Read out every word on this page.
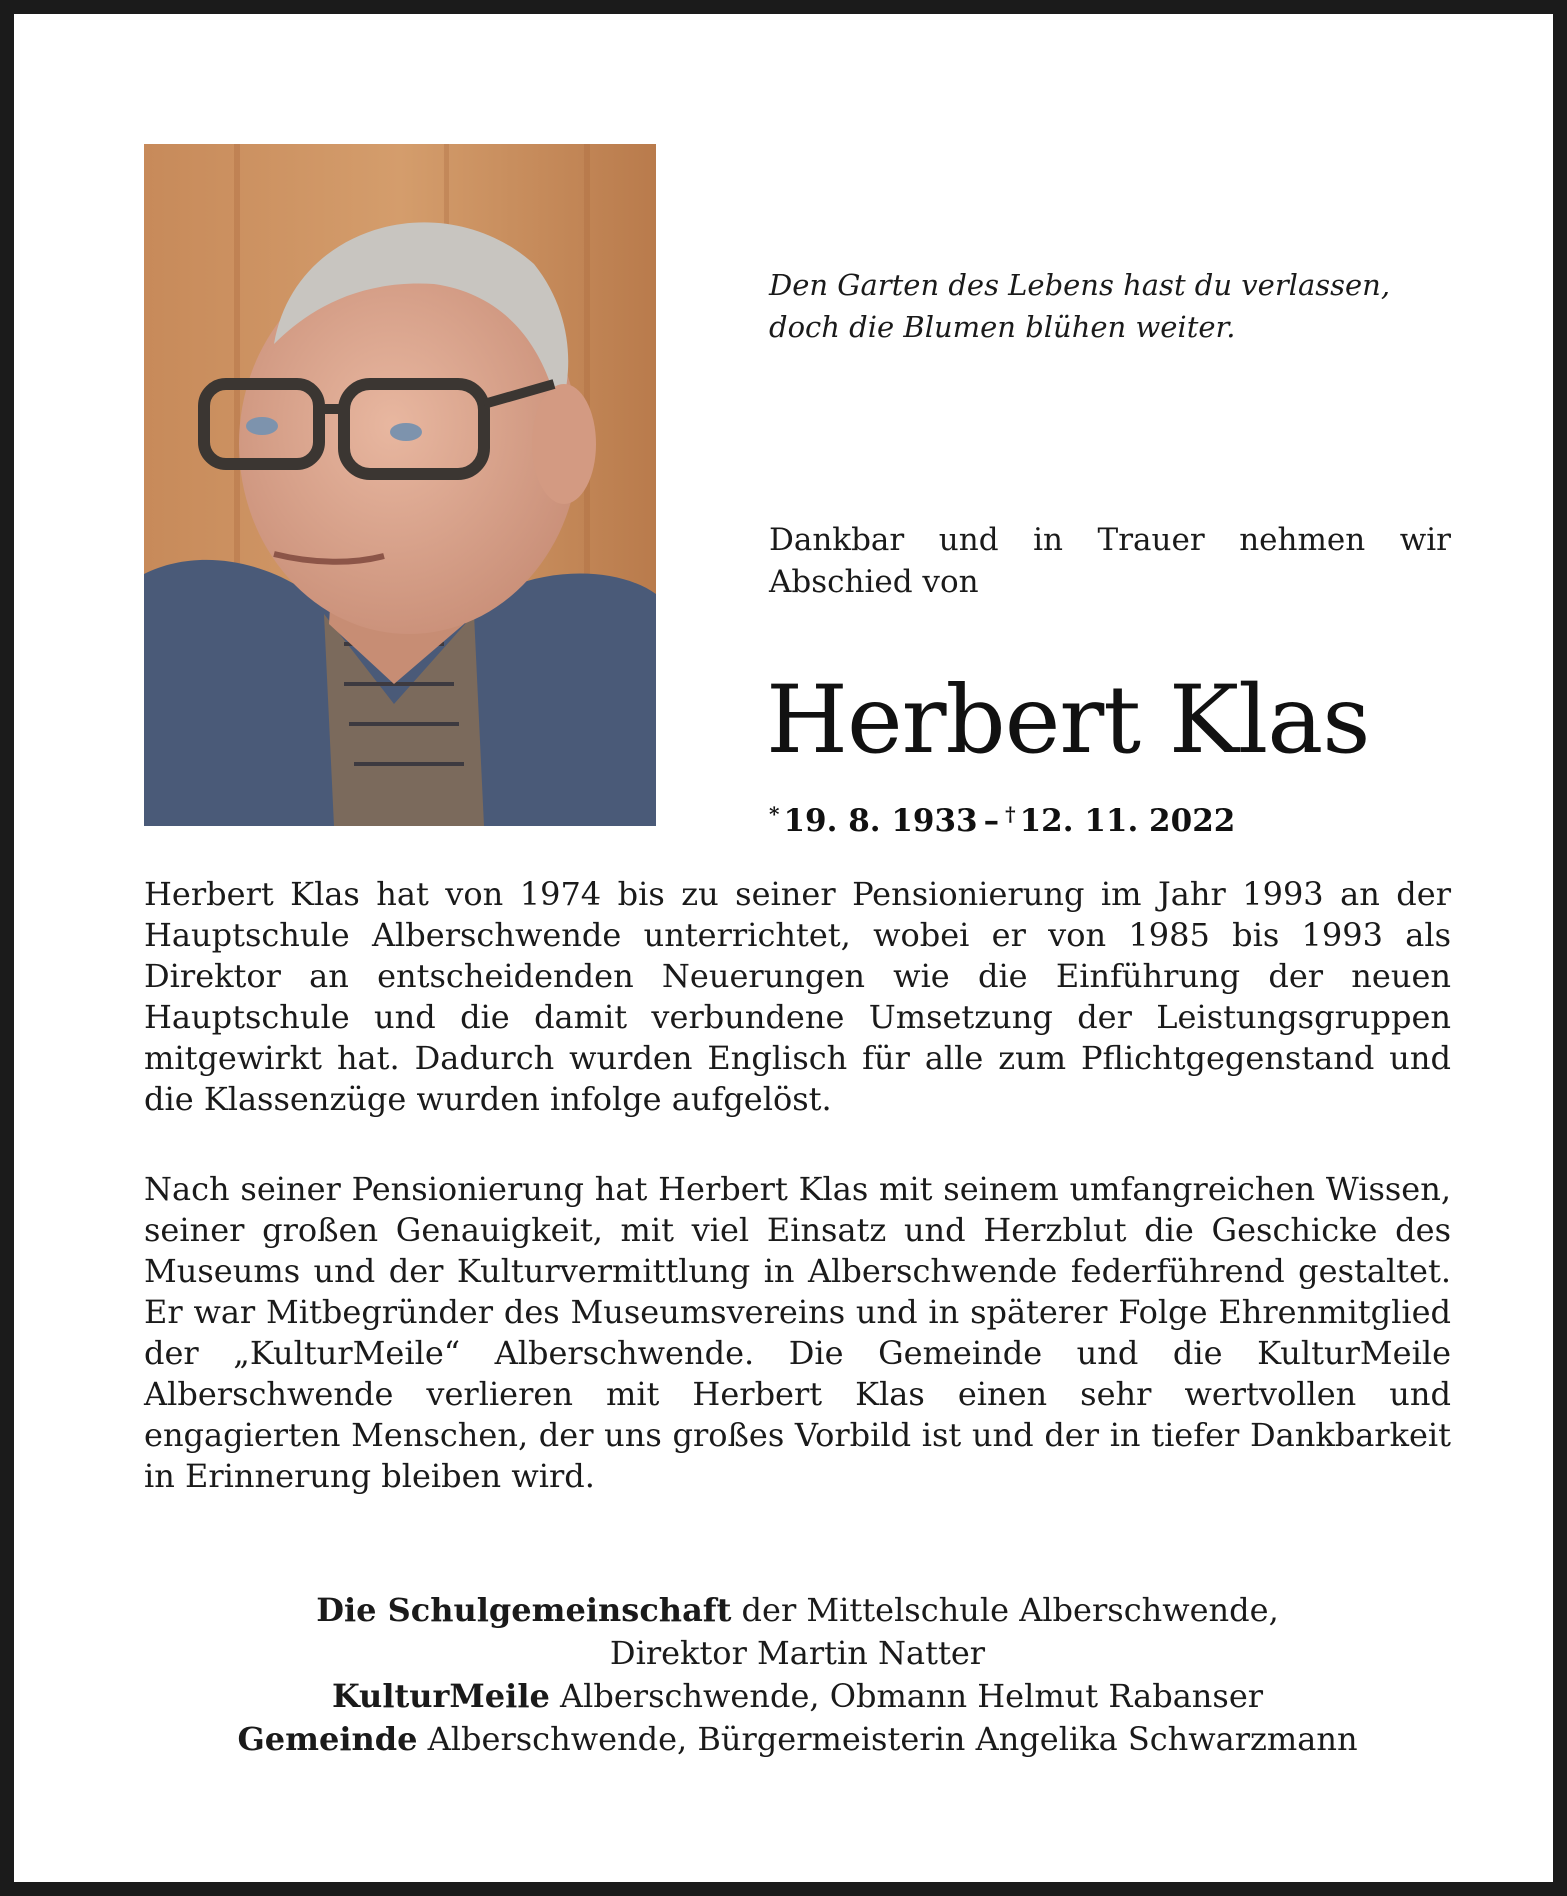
Den Garten des Lebens hast du verlassen,
doch die Blumen blühen weiter.
Dankbar und in Trauer nehmen wir
Abschied von
Herbert Klas
* 19. 8. 1933 – † 12. 11. 2022

Herbert Klas hat von 1974 bis zu seiner Pensionierung im Jahr 1993 an der Hauptschule Alberschwende unterrichtet, wobei er von 1985 bis 1993 als Direktor an entscheidenden Neuerungen wie die Einführung der neuen Hauptschule und die damit verbundene Umsetzung der Leistungsgruppen mitgewirkt hat. Dadurch wurden Englisch für alle zum Pflichtgegenstand und die Klassenzüge wurden infolge aufgelöst.

Nach seiner Pensionierung hat Herbert Klas mit seinem umfangreichen Wissen, seiner großen Genauigkeit, mit viel Einsatz und Herzblut die Geschicke des Museums und der Kulturvermittlung in Alberschwende federführend gestaltet. Er war Mitbegründer des Museumsvereins und in späterer Folge Ehrenmitglied der „KulturMeile“ Alberschwende. Die Gemeinde und die KulturMeile Alberschwende verlieren mit Herbert Klas einen sehr wertvollen und engagierten Menschen, der uns großes Vorbild ist und der in tiefer Dankbarkeit in Erinnerung bleiben wird.

Die Schulgemeinschaft der Mittelschule Alberschwende,
Direktor Martin Natter
KulturMeile Alberschwende, Obmann Helmut Rabanser
Gemeinde Alberschwende, Bürgermeisterin Angelika Schwarzmann
